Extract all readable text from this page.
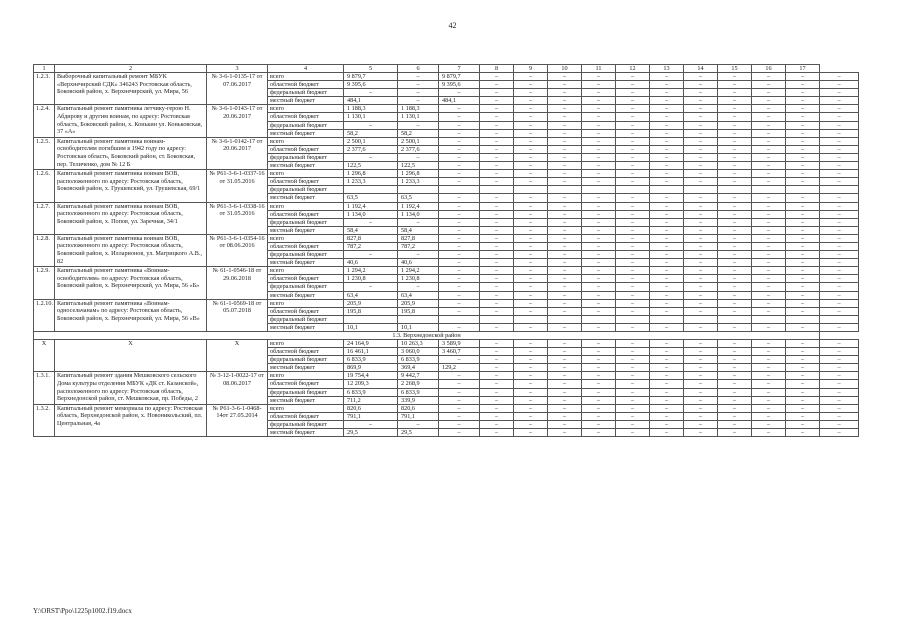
42
1	2	3	4	5	6	7	8	9	10	11	12	13	14	15	16	17	
1.2.3.	Выборочный капитальный ремонт МБУК «Верхнечирский СДК» 346243 Ростовская область, Боковский район, х. Верхнечирский, ул. Мира, 56	№ 3-6-1-0135-17 от 07.06.2017	всего	9 879,7	–	9 879,7	–	–	–	–	–	–	–	–	–	–	–
			областной бюджет	9 395,6	–	9 395,6	–	–	–	–	–	–	–	–	–	–	–
			федеральный бюджет	–	–	–	–	–	–	–	–	–	–	–	–	–	–
			местный бюджет	484,1	–	484,1	–	–	–	–	–	–	–	–	–	–	–
1.2.4.	Капитальный ремонт памятника летчику-герою Н. Абдирову и другим воинам, по адресу: Ростовская область, Боковский район, х. Конькин ул. Коньковская, 37 «А»	№ 3-6-1-0143-17 от 20.06.2017	всего	1 188,3	1 188,3	–	–	–	–	–	–	–	–	–	–	–	–
			областной бюджет	1 130,1	1 130,1	–	–	–	–	–	–	–	–	–	–	–	–
			федеральный бюджет	–	–	–	–	–	–	–	–	–	–	–	–	–	–
			местный бюджет	58,2	58,2	–	–	–	–	–	–	–	–	–	–	–	–
1.2.5.	Капитальный ремонт памятника воинам-освободителям погибшим в 1942 году по адресу: Ростовская область, Боковский район, ст. Боковская, пер. Теличенко, дом № 12 Б	№ 3-6-1-0142-17 от 20.06.2017	всего	2 500,1	2 500,1	–	–	–	–	–	–	–	–	–	–	–	–
			областной бюджет	2 377,6	2 377,6	–	–	–	–	–	–	–	–	–	–	–	–
			федеральный бюджет	–	–	–	–	–	–	–	–	–	–	–	–	–	–
			местный бюджет	122,5	122,5	–	–	–	–	–	–	–	–	–	–	–	–
1.2.6.	Капитальный ремонт памятника воинам ВОВ, расположенного по адресу: Ростовская область, Боковский район, х. Грушевский, ул. Грушевская, 69/1	№ Р61-3-6-1-0337-16 от 31.05.2016	всего	1 296,8	1 296,8	–	–	–	–	–	–	–	–	–	–	–	–
			областной бюджет	1 233,3	1 233,3	–	–	–	–	–	–	–	–	–	–	–	–
			федеральный бюджет														
			местный бюджет	63,5	63,5	–	–	–	–	–	–	–	–	–	–	–	–
1.2.7.	Капитальный ремонт памятника воинам ВОВ, расположенного по адресу: Ростовская область, Боковский район, х. Попов, ул. Заречная, 34/1	№ Р61-3-6-1-0338-16 от 31.05.2016	всего	1 192,4	1 192,4	–	–	–	–	–	–	–	–	–	–	–	–
			областной бюджет	1 134,0	1 134,0	–	–	–	–	–	–	–	–	–	–	–	–
			федеральный бюджет	–	–	–	–	–	–	–	–	–	–	–	–	–	–
			местный бюджет	58,4	58,4	–	–	–	–	–	–	–	–	–	–	–	–
1.2.8.	Капитальный ремонт памятника воинам ВОВ, расположенного по адресу: Ростовская область, Боковский район, х. Илларионов, ул. Магрицкого А.В., 82	№ Р61-3-6-1-0354-16 от 08.06.2016	всего	827,8	827,8	–	–	–	–	–	–	–	–	–	–	–	–
			областной бюджет	787,2	787,2	–	–	–	–	–	–	–	–	–	–	–	–
			федеральный бюджет	–	–	–	–	–	–	–	–	–	–	–	–	–	–
			местный бюджет	40,6	40,6	–	–	–	–	–	–	–	–	–	–	–	–
1.2.9.	Капитальный ремонт памятника «Воинам-освободителям» по адресу: Ростовская область, Боковский район, х. Верхнечирский, ул. Мира, 56 «Б»	№ 61-1-0546-18 от 29.06.2018	всего	1 294,2	1 294,2	–	–	–	–	–	–	–	–	–	–	–	–
			областной бюджет	1 230,8	1 230,8	–	–	–	–	–	–	–	–	–	–	–	–
			федеральный бюджет	–	–	–	–	–	–	–	–	–	–	–	–	–	–
			местный бюджет	63,4	63,4	–	–	–	–	–	–	–	–	–	–	–	–
1.2.10.	Капитальный ремонт памятника «Воинам-односельчанам» по адресу: Ростовская область, Боковский район, х. Верхнечирский, ул. Мира, 56 «В»	№ 61-1-0569-18 от 05.07.2018	всего	205,9	205,9	–	–	–	–	–	–	–	–	–	–	–	–
			областной бюджет	195,8	195,8	–	–	–	–	–	–	–	–	–	–	–	–
			федеральный бюджет														
			местный бюджет	10,1	10,1	–	–	–	–	–	–	–	–	–	–	–	–
1.3. Верхнедонской район																	
X	X	X	всего	24 164,9	10 263,3	3 589,9	–	–	–	–	–	–	–	–	–	–	–
			областной бюджет	16 461,1	3 060,0	3 460,7	–	–	–	–	–	–	–	–	–	–	–
			федеральный бюджет	6 833,9	6 833,9	–	–	–	–	–	–	–	–	–	–	–	–
			местный бюджет	869,9	369,4	129,2	–	–	–	–	–	–	–	–	–	–	–
1.3.1.	Капитальный ремонт здания Мешковского сельского Дома культуры отделения МБУК «ДК ст. Казанской», расположенного по адресу: Ростовская область, Верхнедонской район, ст. Мешковская, пр. Победы, 2	№ 3-12-1-0022-17 от 08.06.2017	всего	19 754,4	9 442,7	–	–	–	–	–	–	–	–	–	–	–	–
			областной бюджет	12 209,3	2 268,9	–	–	–	–	–	–	–	–	–	–	–	–
			федеральный бюджет	6 833,9	6 833,9	–	–	–	–	–	–	–	–	–	–	–	–
			местный бюджет	711,2	339,9	–	–	–	–	–	–	–	–	–	–	–	–
1.3.2.	Капитальный ремонт мемориала по адресу: Ростовская область, Верхнедонской район, х. Новоникольский, пл. Центральная, 4а	№ Р61-3-6-1-0468-14от 27.05.2014	всего	820,6	820,6	–	–	–	–	–	–	–	–	–	–	–	–
			областной бюджет	791,1	791,1	–	–	–	–	–	–	–	–	–	–	–	–
			федеральный бюджет	–	–	–	–	–	–	–	–	–	–	–	–	–	–
			местный бюджет	29,5	29,5	–	–	–	–	–	–	–	–	–	–	–	–
Y:\ORST\Ppo\1225p1002.f19.docx
